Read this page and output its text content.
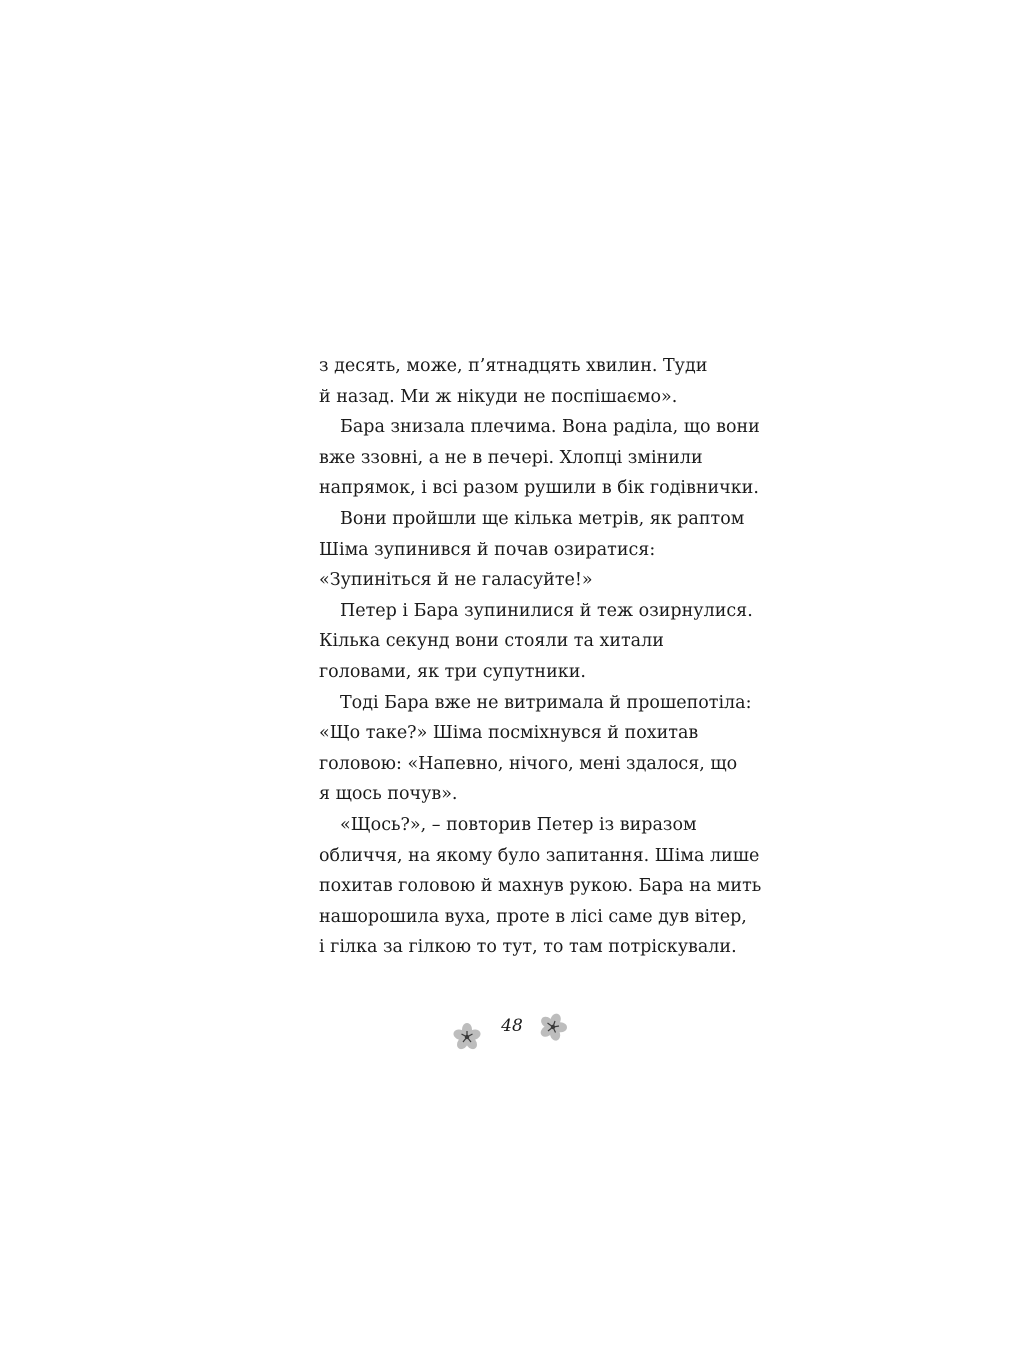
з десять, може, п’ятнадцять хвилин. Туди
й назад. Ми ж нікуди не поспішаємо».
Бара знизала плечима. Вона раділа, що вони
вже ззовні, а не в печері. Хлопці змінили
напрямок, і всі разом рушили в бік годівнички.
Вони пройшли ще кілька метрів, як раптом
Шіма зупинився й почав озиратися:
«Зупиніться й не галасуйте!»
Петер і Бара зупинилися й теж озирнулися.
Кілька секунд вони стояли та хитали
головами, як три супутники.
Тоді Бара вже не витримала й прошепотіла:
«Що таке?» Шіма посміхнувся й похитав
головою: «Напевно, нічого, мені здалося, що
я щось почув».
«Щось?», – повторив Петер із виразом
обличчя, на якому було запитання. Шіма лише
похитав головою й махнув рукою. Бара на мить
нашорошила вуха, проте в лісі саме дув вітер,
і гілка за гілкою то тут, то там потріскували.
48
